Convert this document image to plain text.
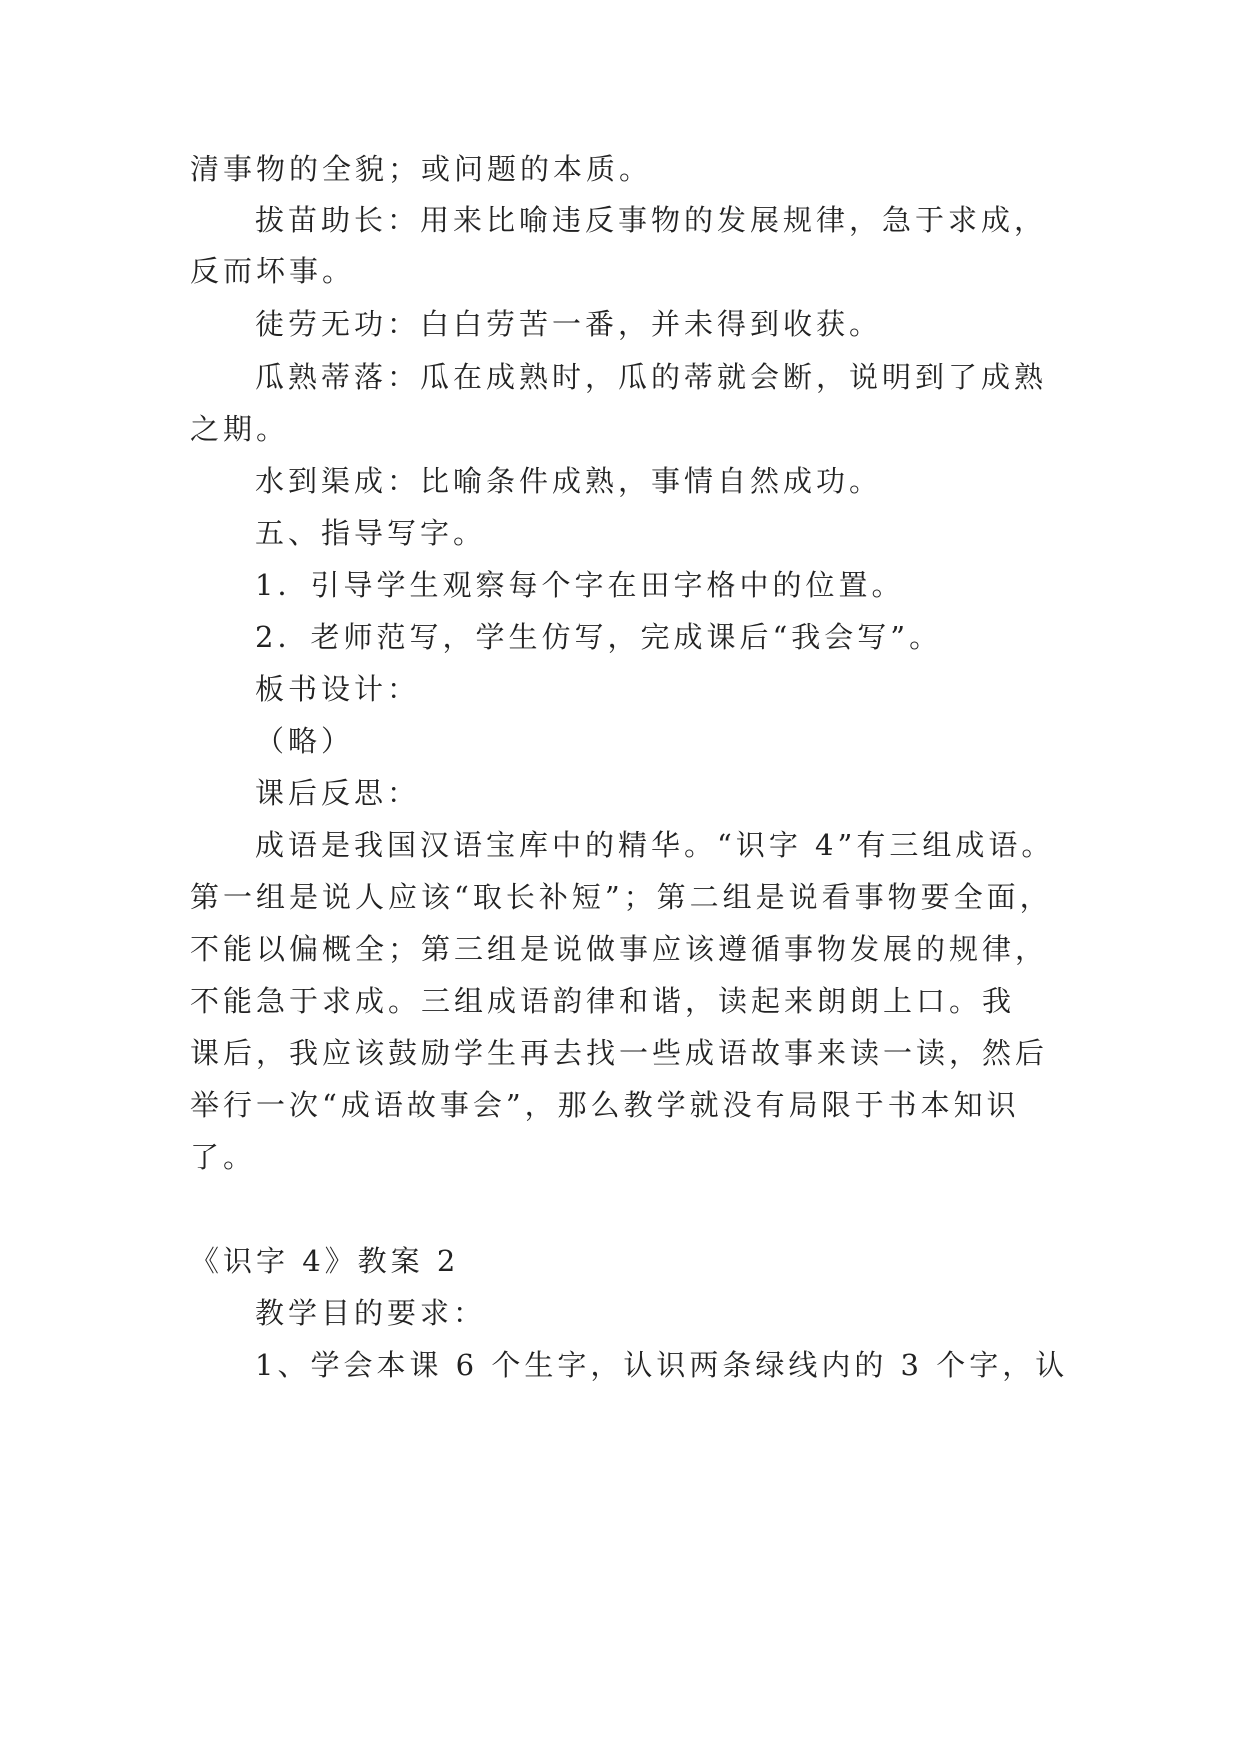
清事物的全貌；或问题的本质。
拔苗助长：用来比喻违反事物的发展规律，急于求成，
反而坏事。
徒劳无功：白白劳苦一番，并未得到收获。
瓜熟蒂落：瓜在成熟时，瓜的蒂就会断，说明到了成熟
之期。
水到渠成：比喻条件成熟，事情自然成功。
五、指导写字。
1．引导学生观察每个字在田字格中的位置。
2．老师范写，学生仿写，完成课后“我会写”。
板书设计：
（略）
课后反思：
成语是我国汉语宝库中的精华。“识字 4”有三组成语。
第一组是说人应该“取长补短”；第二组是说看事物要全面，
不能以偏概全；第三组是说做事应该遵循事物发展的规律，
不能急于求成。三组成语韵律和谐，读起来朗朗上口。我
课后，我应该鼓励学生再去找一些成语故事来读一读，然后
举行一次“成语故事会”，那么教学就没有局限于书本知识
了。
《识字 4》教案 2
教学目的要求：
1、学会本课 6 个生字，认识两条绿线内的 3 个字，认
